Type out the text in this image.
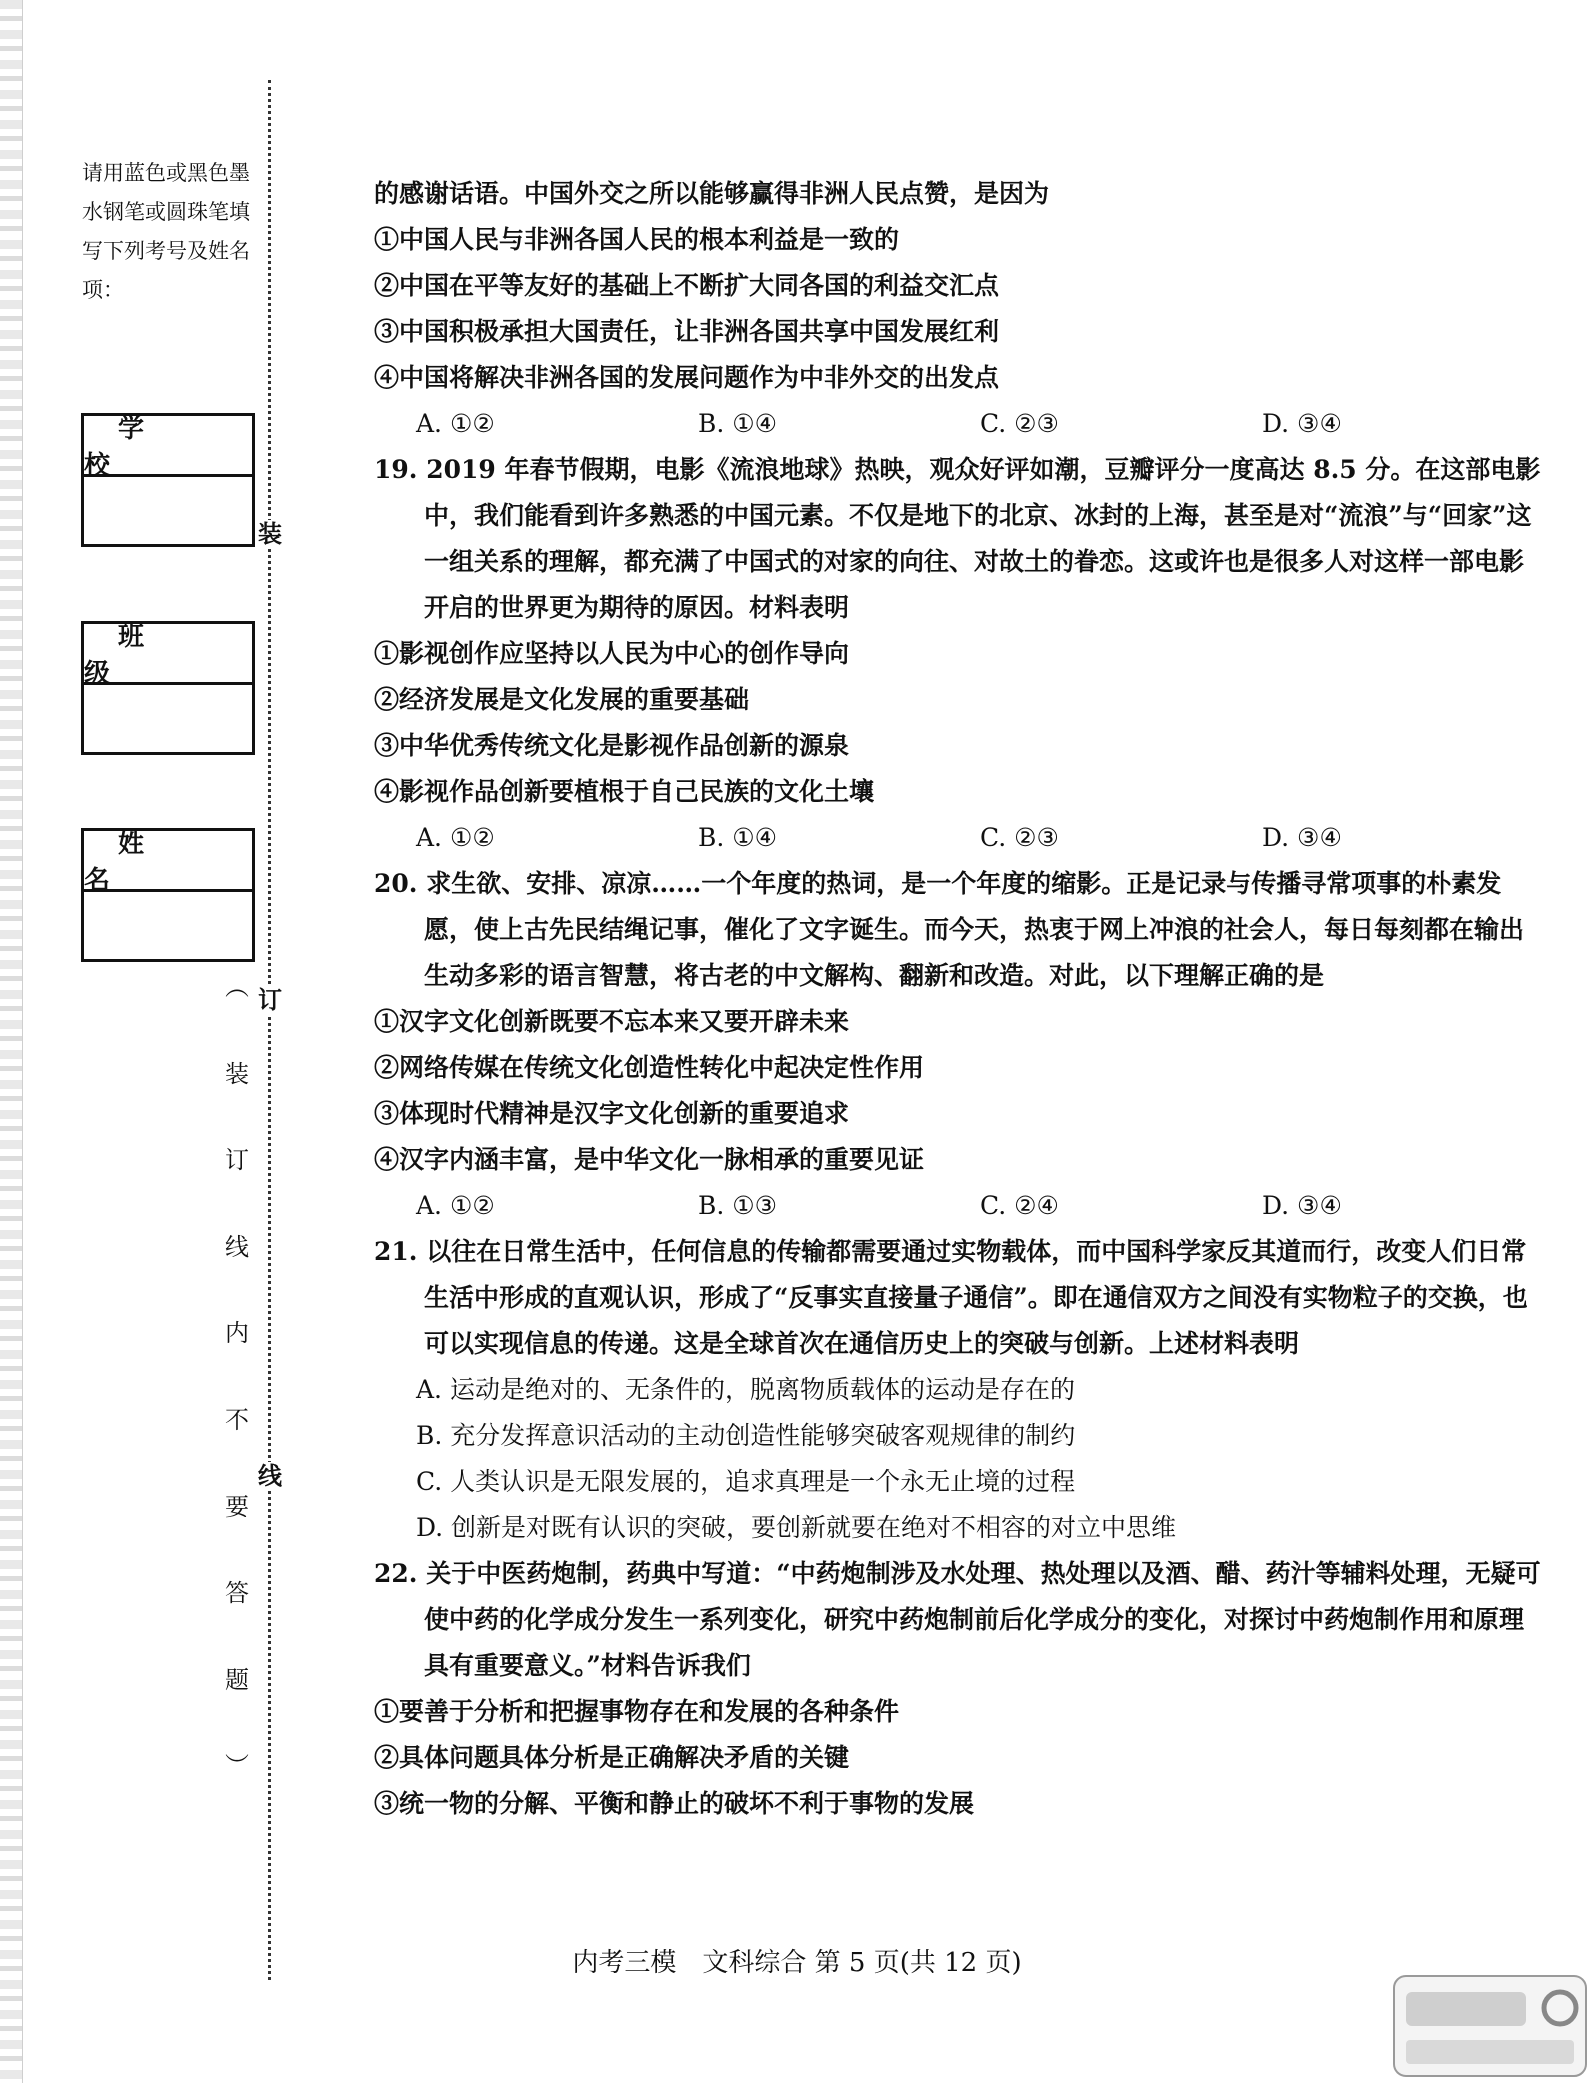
请用蓝色或黑色墨水钢笔或圆珠笔填写下列考号及姓名项：
学 校
班 级
姓 名
装
订
线
︵
装
订
线
内
不
要
答
题
︶
的感谢话语。中国外交之所以能够赢得非洲人民点赞，是因为
①中国人民与非洲各国人民的根本利益是一致的
②中国在平等友好的基础上不断扩大同各国的利益交汇点
③中国积极承担大国责任，让非洲各国共享中国发展红利
④中国将解决非洲各国的发展问题作为中非外交的出发点
A. ①②	B. ①④	C. ②③	D. ③④
19. 2019 年春节假期，电影《流浪地球》热映，观众好评如潮，豆瓣评分一度高达 8.5 分。在这部电影中，我们能看到许多熟悉的中国元素。不仅是地下的北京、冰封的上海，甚至是对“流浪”与“回家”这一组关系的理解，都充满了中国式的对家的向往、对故土的眷恋。这或许也是很多人对这样一部电影开启的世界更为期待的原因。材料表明
①影视创作应坚持以人民为中心的创作导向
②经济发展是文化发展的重要基础
③中华优秀传统文化是影视作品创新的源泉
④影视作品创新要植根于自己民族的文化土壤
A. ①②	B. ①④	C. ②③	D. ③④
20. 求生欲、安排、凉凉……一个年度的热词，是一个年度的缩影。正是记录与传播寻常项事的朴素发愿，使上古先民结绳记事，催化了文字诞生。而今天，热衷于网上冲浪的社会人，每日每刻都在输出生动多彩的语言智慧，将古老的中文解构、翻新和改造。对此，以下理解正确的是
①汉字文化创新既要不忘本来又要开辟未来
②网络传媒在传统文化创造性转化中起决定性作用
③体现时代精神是汉字文化创新的重要追求
④汉字内涵丰富，是中华文化一脉相承的重要见证
A. ①②	B. ①③	C. ②④	D. ③④
21. 以往在日常生活中，任何信息的传输都需要通过实物载体，而中国科学家反其道而行，改变人们日常生活中形成的直观认识，形成了“反事实直接量子通信”。即在通信双方之间没有实物粒子的交换，也可以实现信息的传递。这是全球首次在通信历史上的突破与创新。上述材料表明
A. 运动是绝对的、无条件的，脱离物质载体的运动是存在的
B. 充分发挥意识活动的主动创造性能够突破客观规律的制约
C. 人类认识是无限发展的，追求真理是一个永无止境的过程
D. 创新是对既有认识的突破，要创新就要在绝对不相容的对立中思维
22. 关于中医药炮制，药典中写道：“中药炮制涉及水处理、热处理以及酒、醋、药汁等辅料处理，无疑可使中药的化学成分发生一系列变化，研究中药炮制前后化学成分的变化，对探讨中药炮制作用和原理具有重要意义。”材料告诉我们
①要善于分析和把握事物存在和发展的各种条件
②具体问题具体分析是正确解决矛盾的关键
③统一物的分解、平衡和静止的破坏不利于事物的发展
内考三模　文科综合 第 5 页(共 12 页)
